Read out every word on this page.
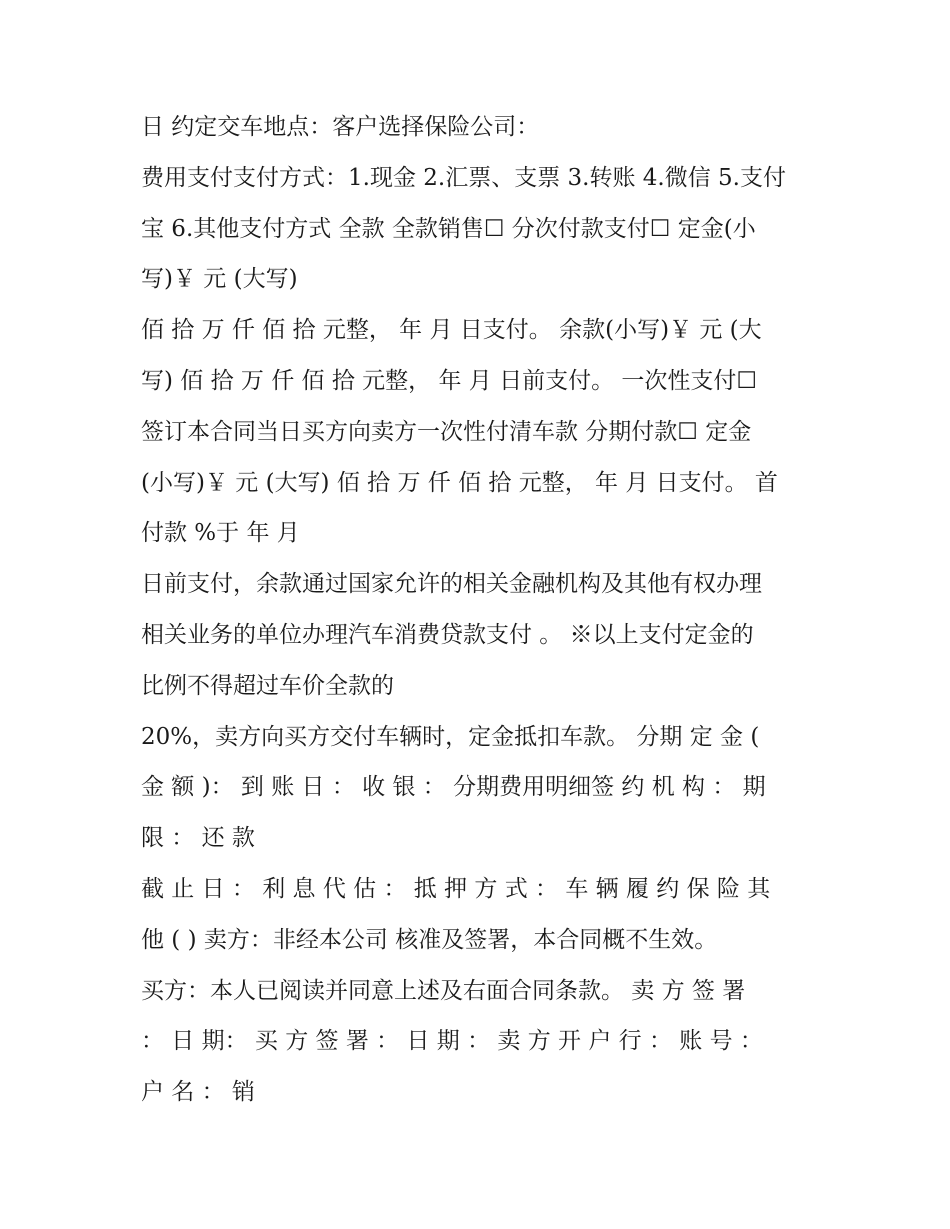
日 约定交车地点：客户选择保险公司：
费用支付支付方式：1.现金 2.汇票、支票 3.转账 4.微信 5.支付
宝 6.其他支付方式 全款 全款销售☐ 分次付款支付☐ 定金(小
写)￥ 元 (大写)
佰 拾 万 仟 佰 拾 元整， 年 月 日支付。 余款(小写)￥ 元 (大
写) 佰 拾 万 仟 佰 拾 元整， 年 月 日前支付。 一次性支付☐
签订本合同当日买方向卖方一次性付清车款 分期付款☐ 定金
(小写)￥ 元 (大写) 佰 拾 万 仟 佰 拾 元整， 年 月 日支付。 首
付款 %于 年 月
日前支付，余款通过国家允许的相关金融机构及其他有权办理
相关业务的单位办理汽车消费贷款支付 。 ※以上支付定金的
比例不得超过车价全款的
20%，卖方向买方交付车辆时，定金抵扣车款。 分期 定 金 (
金 额 )： 到 账 日 ： 收 银 ： 分期费用明细签 约 机 构 ： 期
限 ： 还 款
截 止 日 ： 利 息 代 估 ： 抵 押 方 式 ： 车 辆 履 约 保 险 其
他 ( ) 卖方：非经本公司 核准及签署，本合同概不生效。
买方：本人已阅读并同意上述及右面合同条款。 卖 方 签 署
： 日 期： 买 方 签 署 ： 日 期 ： 卖 方 开 户 行 ： 账 号 ：
户 名 ： 销
